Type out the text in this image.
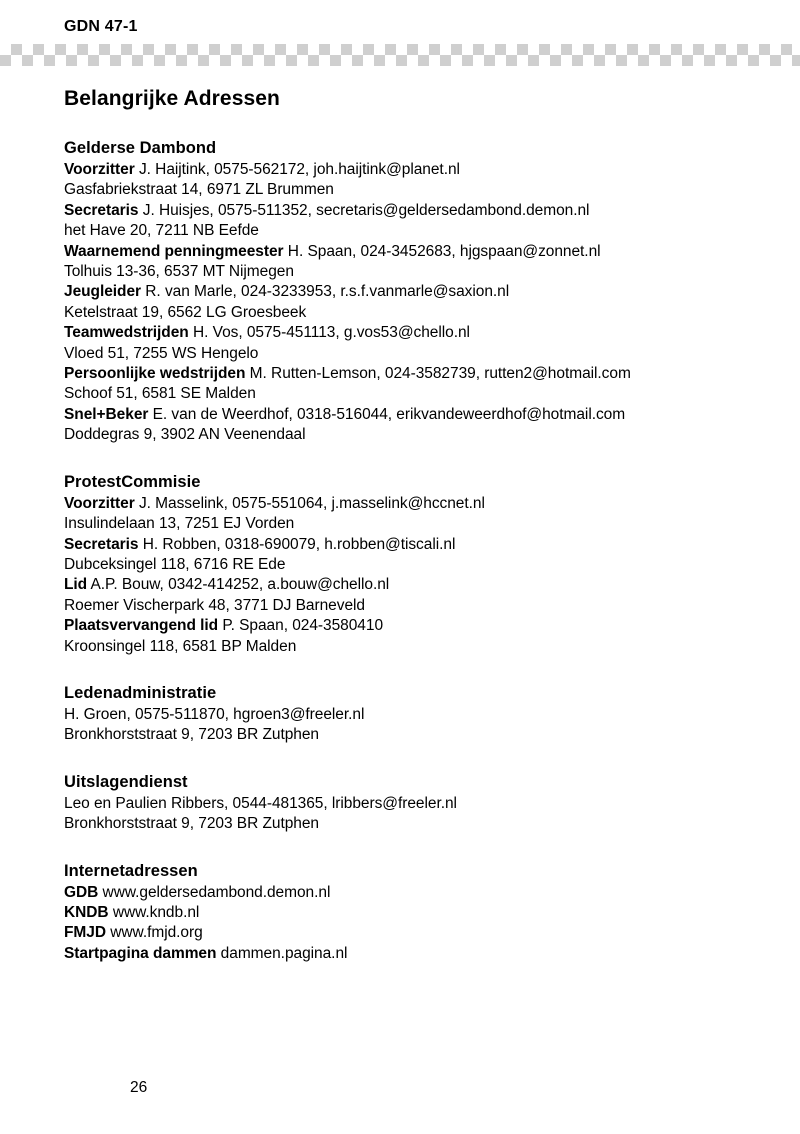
GDN 47-1
Belangrijke Adressen
Gelderse Dambond
Voorzitter J. Haijtink, 0575-562172, joh.haijtink@planet.nl
Gasfabriekstraat 14, 6971 ZL Brummen
Secretaris J. Huisjes, 0575-511352, secretaris@geldersedambond.demon.nl
het Have 20, 7211 NB Eefde
Waarnemend penningmeester H. Spaan, 024-3452683, hjgspaan@zonnet.nl
Tolhuis 13-36, 6537 MT Nijmegen
Jeugleider R. van Marle, 024-3233953, r.s.f.vanmarle@saxion.nl
Ketelstraat 19, 6562 LG Groesbeek
Teamwedstrijden H. Vos, 0575-451113, g.vos53@chello.nl
Vloed 51, 7255 WS Hengelo
Persoonlijke wedstrijden M. Rutten-Lemson, 024-3582739, rutten2@hotmail.com
Schoof 51, 6581 SE Malden
Snel+Beker E. van de Weerdhof, 0318-516044, erikvandeweerdhof@hotmail.com
Doddegras 9, 3902 AN Veenendaal
ProtestCommisie
Voorzitter J. Masselink, 0575-551064, j.masselink@hccnet.nl
Insulindelaan 13, 7251 EJ Vorden
Secretaris H. Robben, 0318-690079, h.robben@tiscali.nl
Dubceksingel 118, 6716 RE Ede
Lid A.P. Bouw, 0342-414252, a.bouw@chello.nl
Roemer Vischerpark 48, 3771 DJ Barneveld
Plaatsvervangend lid P. Spaan, 024-3580410
Kroonsingel 118, 6581 BP Malden
Ledenadministratie
H. Groen, 0575-511870, hgroen3@freeler.nl
Bronkhorststraat 9, 7203 BR Zutphen
Uitslagendienst
Leo en Paulien Ribbers, 0544-481365, lribbers@freeler.nl
Bronkhorststraat 9, 7203 BR Zutphen
Internetadressen
GDB www.geldersedambond.demon.nl
KNDB www.kndb.nl
FMJD www.fmjd.org
Startpagina dammen dammen.pagina.nl
26
